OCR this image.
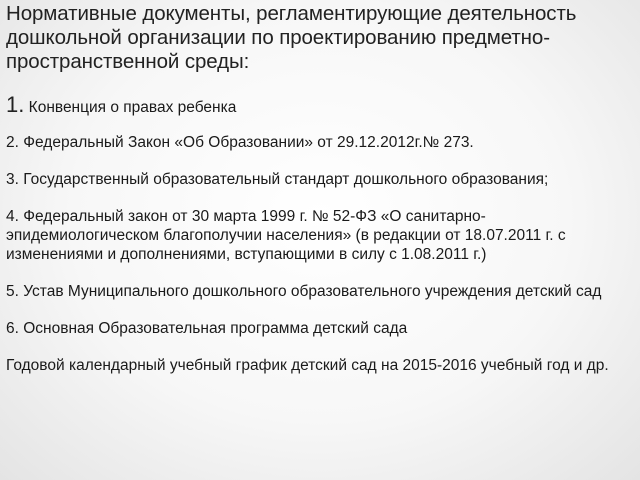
Нормативные документы, регламентирующие деятельность дошкольной организации по проектированию предметно-пространственной среды:
1. Конвенция о правах ребенка
2. Федеральный Закон «Об Образовании» от 29.12.2012г.№ 273.
3. Государственный образовательный стандарт дошкольного образования;
4. Федеральный закон от 30 марта 1999 г. № 52-ФЗ «О санитарно-эпидемиологическом благополучии населения» (в редакции от 18.07.2011 г. с изменениями и дополнениями, вступающими в силу с 1.08.2011 г.)
5. Устав Муниципального дошкольного образовательного учреждения детский сад
6. Основная Образовательная программа детский сада
Годовой календарный учебный график детский сад на 2015-2016 учебный год и др.
